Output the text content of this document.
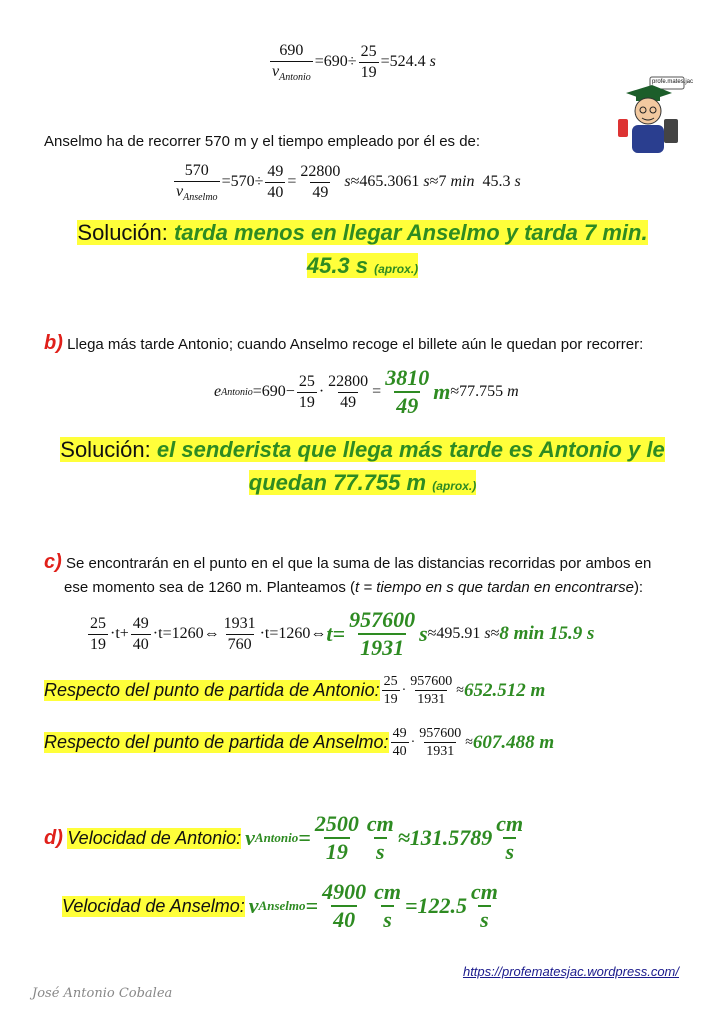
$\frac{690}{v_{Antonio}} =690\div \frac{25}{19} =524.4$
s
profe.mates.jac
Anselmo ha de recorrer 570 m y el tiempo empleado por él es de:
$\frac{570}{v_{Anselmo}} =570\div \frac{49}{40} = \frac{22800}{49}$ s ≈465.3061
s ≈7
min
45.3
s
Solución: tarda menos en llegar Anselmo y tarda 7 min.
45.3 s (aprox.)
b) Llega más tarde Antonio; cuando Anselmo recoge el billete aún le quedan por recorrer:
e Antonio $=690- \frac{25}{19} \cdot \frac{22800}{49} = \frac{3810}{49}$ m ≈77.755
m
Solución: el senderista que llega más tarde es Antonio y le
quedan 77.755 m (aprox.)
c) Se encontrarán en el punto en el que la suma de las distancias recorridas por ambos en
ese momento sea de 1260 m. Planteamos (t = tiempo en s que tardan en encontrarse):
$\frac{25}{19} \cdot t+ \frac{49}{40}$ ·t=1260⇔ $\frac{1931}{760}$ ·t=1260⇔ $t = \frac{957600}{1931}$ s ≈495.91
s ≈ 8 min 15.9 s
Respecto del punto de partida de Antonio: $\frac{25}{19} \cdot \frac{957600}{1931} \approx 652.512$ m
Respecto del punto de partida de Anselmo: $\frac{49}{40} \cdot \frac{957600}{1931} \approx 607.488$ m
d)
Velocidad de Antonio: v Antonio = $\frac{2500}{19} \frac{cm}{s} \approx 131.5789 \frac{cm}{s}$
Velocidad de Anselmo: v Anselmo = $\frac{4900}{40} \frac{cm}{s} =122.5 \frac{cm}{s}$
https://profematesjac.wordpress.com/
José Antonio Cobalea
